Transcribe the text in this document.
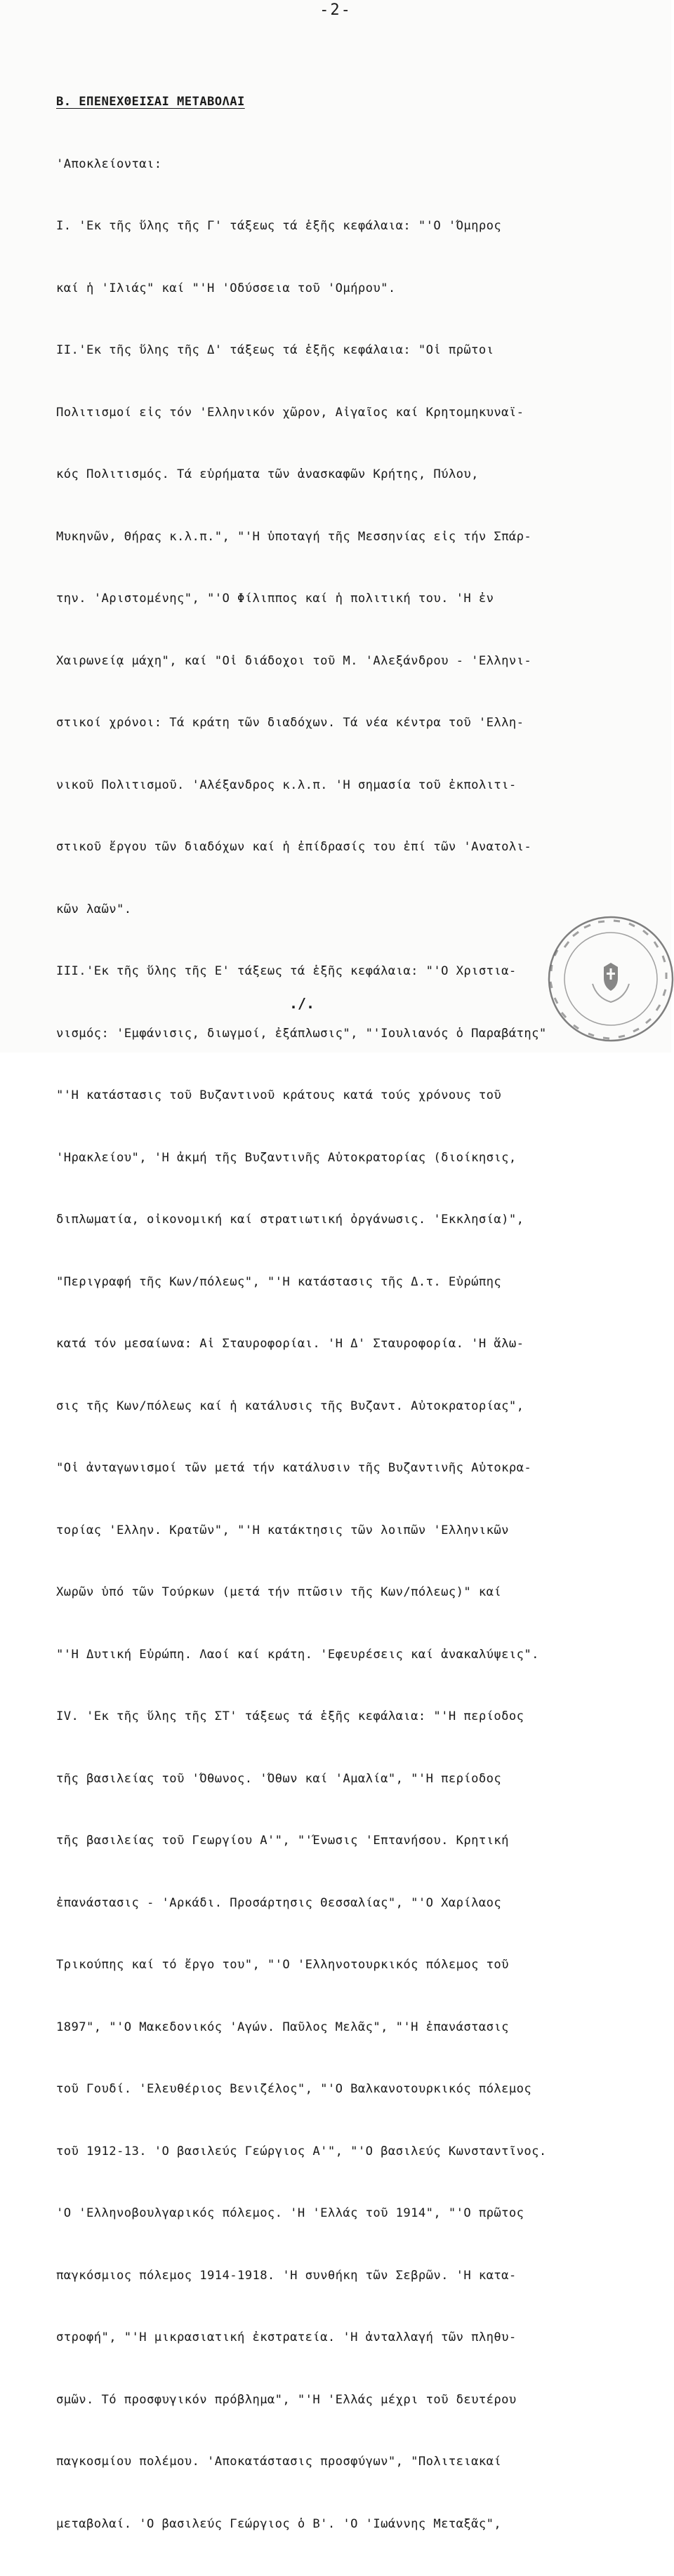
-2-

Β. ΕΠΕΝΕΧΘΕΙΣΑΙ ΜΕΤΑΒΟΛΑΙ

'Αποκλείονται:

Ι. 'Εκ τῆς ὕλης τῆς Γ' τάξεως τά ἑξῆς κεφάλαια: "'Ο 'Όμηρος

καί ἡ 'Ιλιάς" καί "'Η 'Οδύσσεια τοῦ 'Ομήρου".

ΙΙ.'Εκ τῆς ὕλης τῆς Δ' τάξεως τά ἑξῆς κεφάλαια: "Οἱ πρῶτοι

Πολιτισμοί εἰς τόν 'Ελληνικόν χῶρον, Αἰγαῖος καί Κρητομηκυναϊ-

κός Πολιτισμός. Τά εὑρήματα τῶν ἀνασκαφῶν Κρήτης, Πύλου,

Μυκηνῶν, Θήρας κ.λ.π.", "'Η ὑποταγή τῆς Μεσσηνίας εἰς τήν Σπάρ-

την. 'Αριστομένης", "'Ο Φίλιππος καί ἡ πολιτική του. 'Η ἐν

Χαιρωνείᾳ μάχη", καί "Οἱ διάδοχοι τοῦ Μ. 'Αλεξάνδρου - 'Ελληνι-

στικοί χρόνοι: Τά κράτη τῶν διαδόχων. Τά νέα κέντρα τοῦ 'Ελλη-

νικοῦ Πολιτισμοῦ. 'Αλέξανδρος κ.λ.π. 'Η σημασία τοῦ ἐκπολιτι-

στικοῦ ἔργου τῶν διαδόχων καί ἡ ἐπίδρασίς του ἐπί τῶν 'Ανατολι-

κῶν λαῶν".

ΙΙΙ.'Εκ τῆς ὕλης τῆς Ε' τάξεως τά ἑξῆς κεφάλαια: "'Ο Χριστια-

νισμός: 'Εμφάνισις, διωγμοί, ἐξάπλωσις", "'Ιουλιανός ὁ Παραβάτης"

"'Η κατάστασις τοῦ Βυζαντινοῦ κράτους κατά τούς χρόνους τοῦ

'Ηρακλείου", 'Η ἀκμή τῆς Βυζαντινῆς Αὐτοκρατορίας (διοίκησις,

διπλωματία, οἰκονομική καί στρατιωτική ὀργάνωσις. 'Εκκλησία)",

"Περιγραφή τῆς Κων/πόλεως", "'Η κατάστασις τῆς Δ.τ. Εὐρώπης

κατά τόν μεσαίωνα: Αἱ Σταυροφορίαι. 'Η Δ' Σταυροφορία. 'Η ἅλω-

σις τῆς Κων/πόλεως καί ἡ κατάλυσις τῆς Βυζαντ. Αὐτοκρατορίας",

"Οἱ ἀνταγωνισμοί τῶν μετά τήν κατάλυσιν τῆς Βυζαντινῆς Αὐτοκρα-

τορίας 'Ελλην. Κρατῶν", "'Η κατάκτησις τῶν λοιπῶν 'Ελληνικῶν

Χωρῶν ὑπό τῶν Τούρκων (μετά τήν πτῶσιν τῆς Κων/πόλεως)" καί

"'Η Δυτική Εὐρώπη. Λαοί καί κράτη. 'Εφευρέσεις καί ἀνακαλύψεις".

IV. 'Εκ τῆς ὕλης τῆς ΣΤ' τάξεως τά ἑξῆς κεφάλαια: "'Η περίοδος

τῆς βασιλείας τοῦ 'Όθωνος. 'Όθων καί 'Αμαλία", "'Η περίοδος

τῆς βασιλείας τοῦ Γεωργίου Α'", "'Ένωσις 'Επτανήσου. Κρητική

ἐπανάστασις - 'Αρκάδι. Προσάρτησις Θεσσαλίας", "'Ο Χαρίλαος

Τρικούπης καί τό ἔργο του", "'Ο 'Ελληνοτουρκικός πόλεμος τοῦ

1897", "'Ο Μακεδονικός 'Αγών. Παῦλος Μελᾶς", "'Η ἐπανάστασις

τοῦ Γουδί. 'Ελευθέριος Βενιζέλος", "'Ο Βαλκανοτουρκικός πόλεμος

τοῦ 1912-13. 'Ο βασιλεύς Γεώργιος Α'", "'Ο βασιλεύς Κωνσταντῖνος.

'Ο 'Ελληνοβουλγαρικός πόλεμος. 'Η 'Ελλάς τοῦ 1914", "'Ο πρῶτος

παγκόσμιος πόλεμος 1914-1918. 'Η συνθήκη τῶν Σεβρῶν. 'Η κατα-

στροφή", "'Η μικρασιατική ἐκστρατεία. 'Η ἀνταλλαγή τῶν πληθυ-

σμῶν. Τό προσφυγικόν πρόβλημα", "'Η 'Ελλάς μέχρι τοῦ δευτέρου

παγκοσμίου πολέμου. 'Αποκατάστασις προσφύγων", "Πολιτειακαί

μεταβολαί. 'Ο βασιλεύς Γεώργιος ὁ Β'. 'Ο 'Ιωάννης Μεταξᾶς",

./.
